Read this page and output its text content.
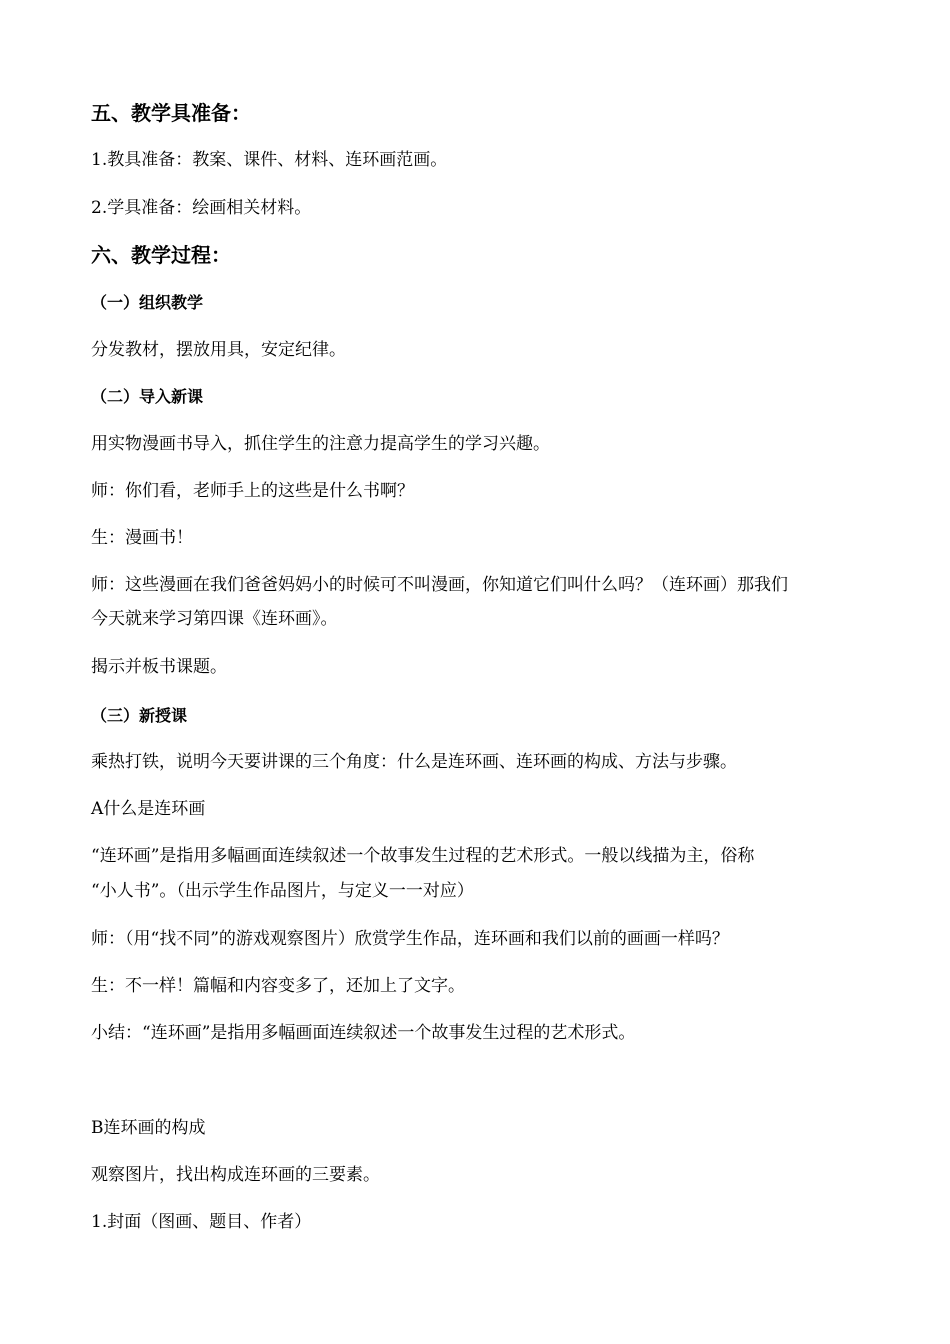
五、教学具准备：
1.教具准备：教案、课件、材料、连环画范画。
2.学具准备：绘画相关材料。
六、教学过程：
（一）组织教学
分发教材，摆放用具，安定纪律。
（二）导入新课
用实物漫画书导入，抓住学生的注意力提高学生的学习兴趣。
师：你们看，老师手上的这些是什么书啊？
生：漫画书！
师：这些漫画在我们爸爸妈妈小的时候可不叫漫画，你知道它们叫什么吗？（连环画）那我们
今天就来学习第四课《连环画》。
揭示并板书课题。
（三）新授课
乘热打铁，说明今天要讲课的三个角度：什么是连环画、连环画的构成、方法与步骤。
A什么是连环画
“连环画”是指用多幅画面连续叙述一个故事发生过程的艺术形式。一般以线描为主，俗称
“小人书”。（出示学生作品图片，与定义一一对应）
师：（用“找不同”的游戏观察图片）欣赏学生作品，连环画和我们以前的画画一样吗？
生：不一样！篇幅和内容变多了，还加上了文字。
小结：“连环画”是指用多幅画面连续叙述一个故事发生过程的艺术形式。
B连环画的构成
观察图片，找出构成连环画的三要素。
1.封面（图画、题目、作者）
